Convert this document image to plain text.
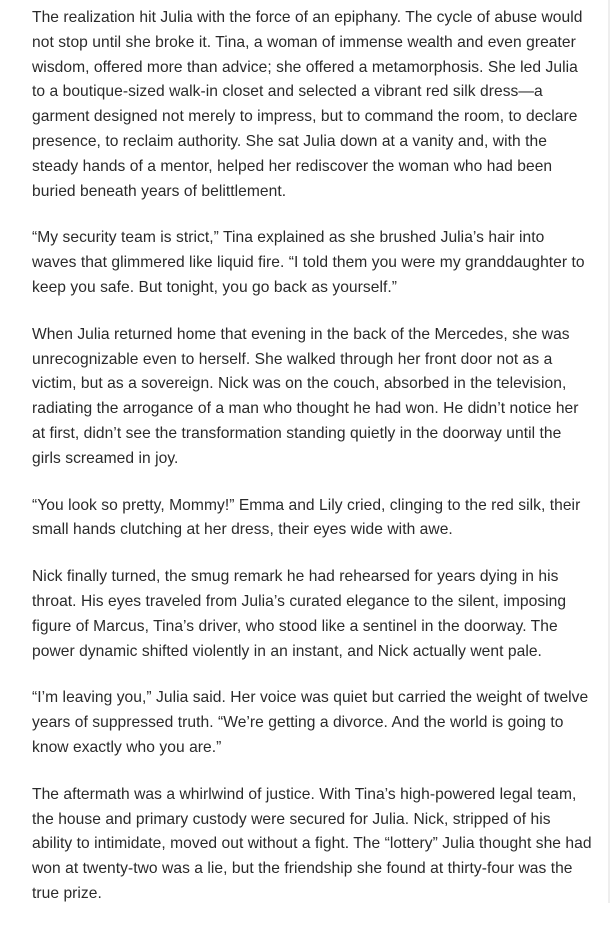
The realization hit Julia with the force of an epiphany. The cycle of abuse would not stop until she broke it. Tina, a woman of immense wealth and even greater wisdom, offered more than advice; she offered a metamorphosis. She led Julia to a boutique-sized walk-in closet and selected a vibrant red silk dress—a garment designed not merely to impress, but to command the room, to declare presence, to reclaim authority. She sat Julia down at a vanity and, with the steady hands of a mentor, helped her rediscover the woman who had been buried beneath years of belittlement.

“My security team is strict,” Tina explained as she brushed Julia’s hair into waves that glimmered like liquid fire. “I told them you were my granddaughter to keep you safe. But tonight, you go back as yourself.”

When Julia returned home that evening in the back of the Mercedes, she was unrecognizable even to herself. She walked through her front door not as a victim, but as a sovereign. Nick was on the couch, absorbed in the television, radiating the arrogance of a man who thought he had won. He didn’t notice her at first, didn’t see the transformation standing quietly in the doorway until the girls screamed in joy.

“You look so pretty, Mommy!” Emma and Lily cried, clinging to the red silk, their small hands clutching at her dress, their eyes wide with awe.

Nick finally turned, the smug remark he had rehearsed for years dying in his throat. His eyes traveled from Julia’s curated elegance to the silent, imposing figure of Marcus, Tina’s driver, who stood like a sentinel in the doorway. The power dynamic shifted violently in an instant, and Nick actually went pale.

“I’m leaving you,” Julia said. Her voice was quiet but carried the weight of twelve years of suppressed truth. “We’re getting a divorce. And the world is going to know exactly who you are.”

The aftermath was a whirlwind of justice. With Tina’s high-powered legal team, the house and primary custody were secured for Julia. Nick, stripped of his ability to intimidate, moved out without a fight. The “lottery” Julia thought she had won at twenty-two was a lie, but the friendship she found at thirty-four was the true prize.
